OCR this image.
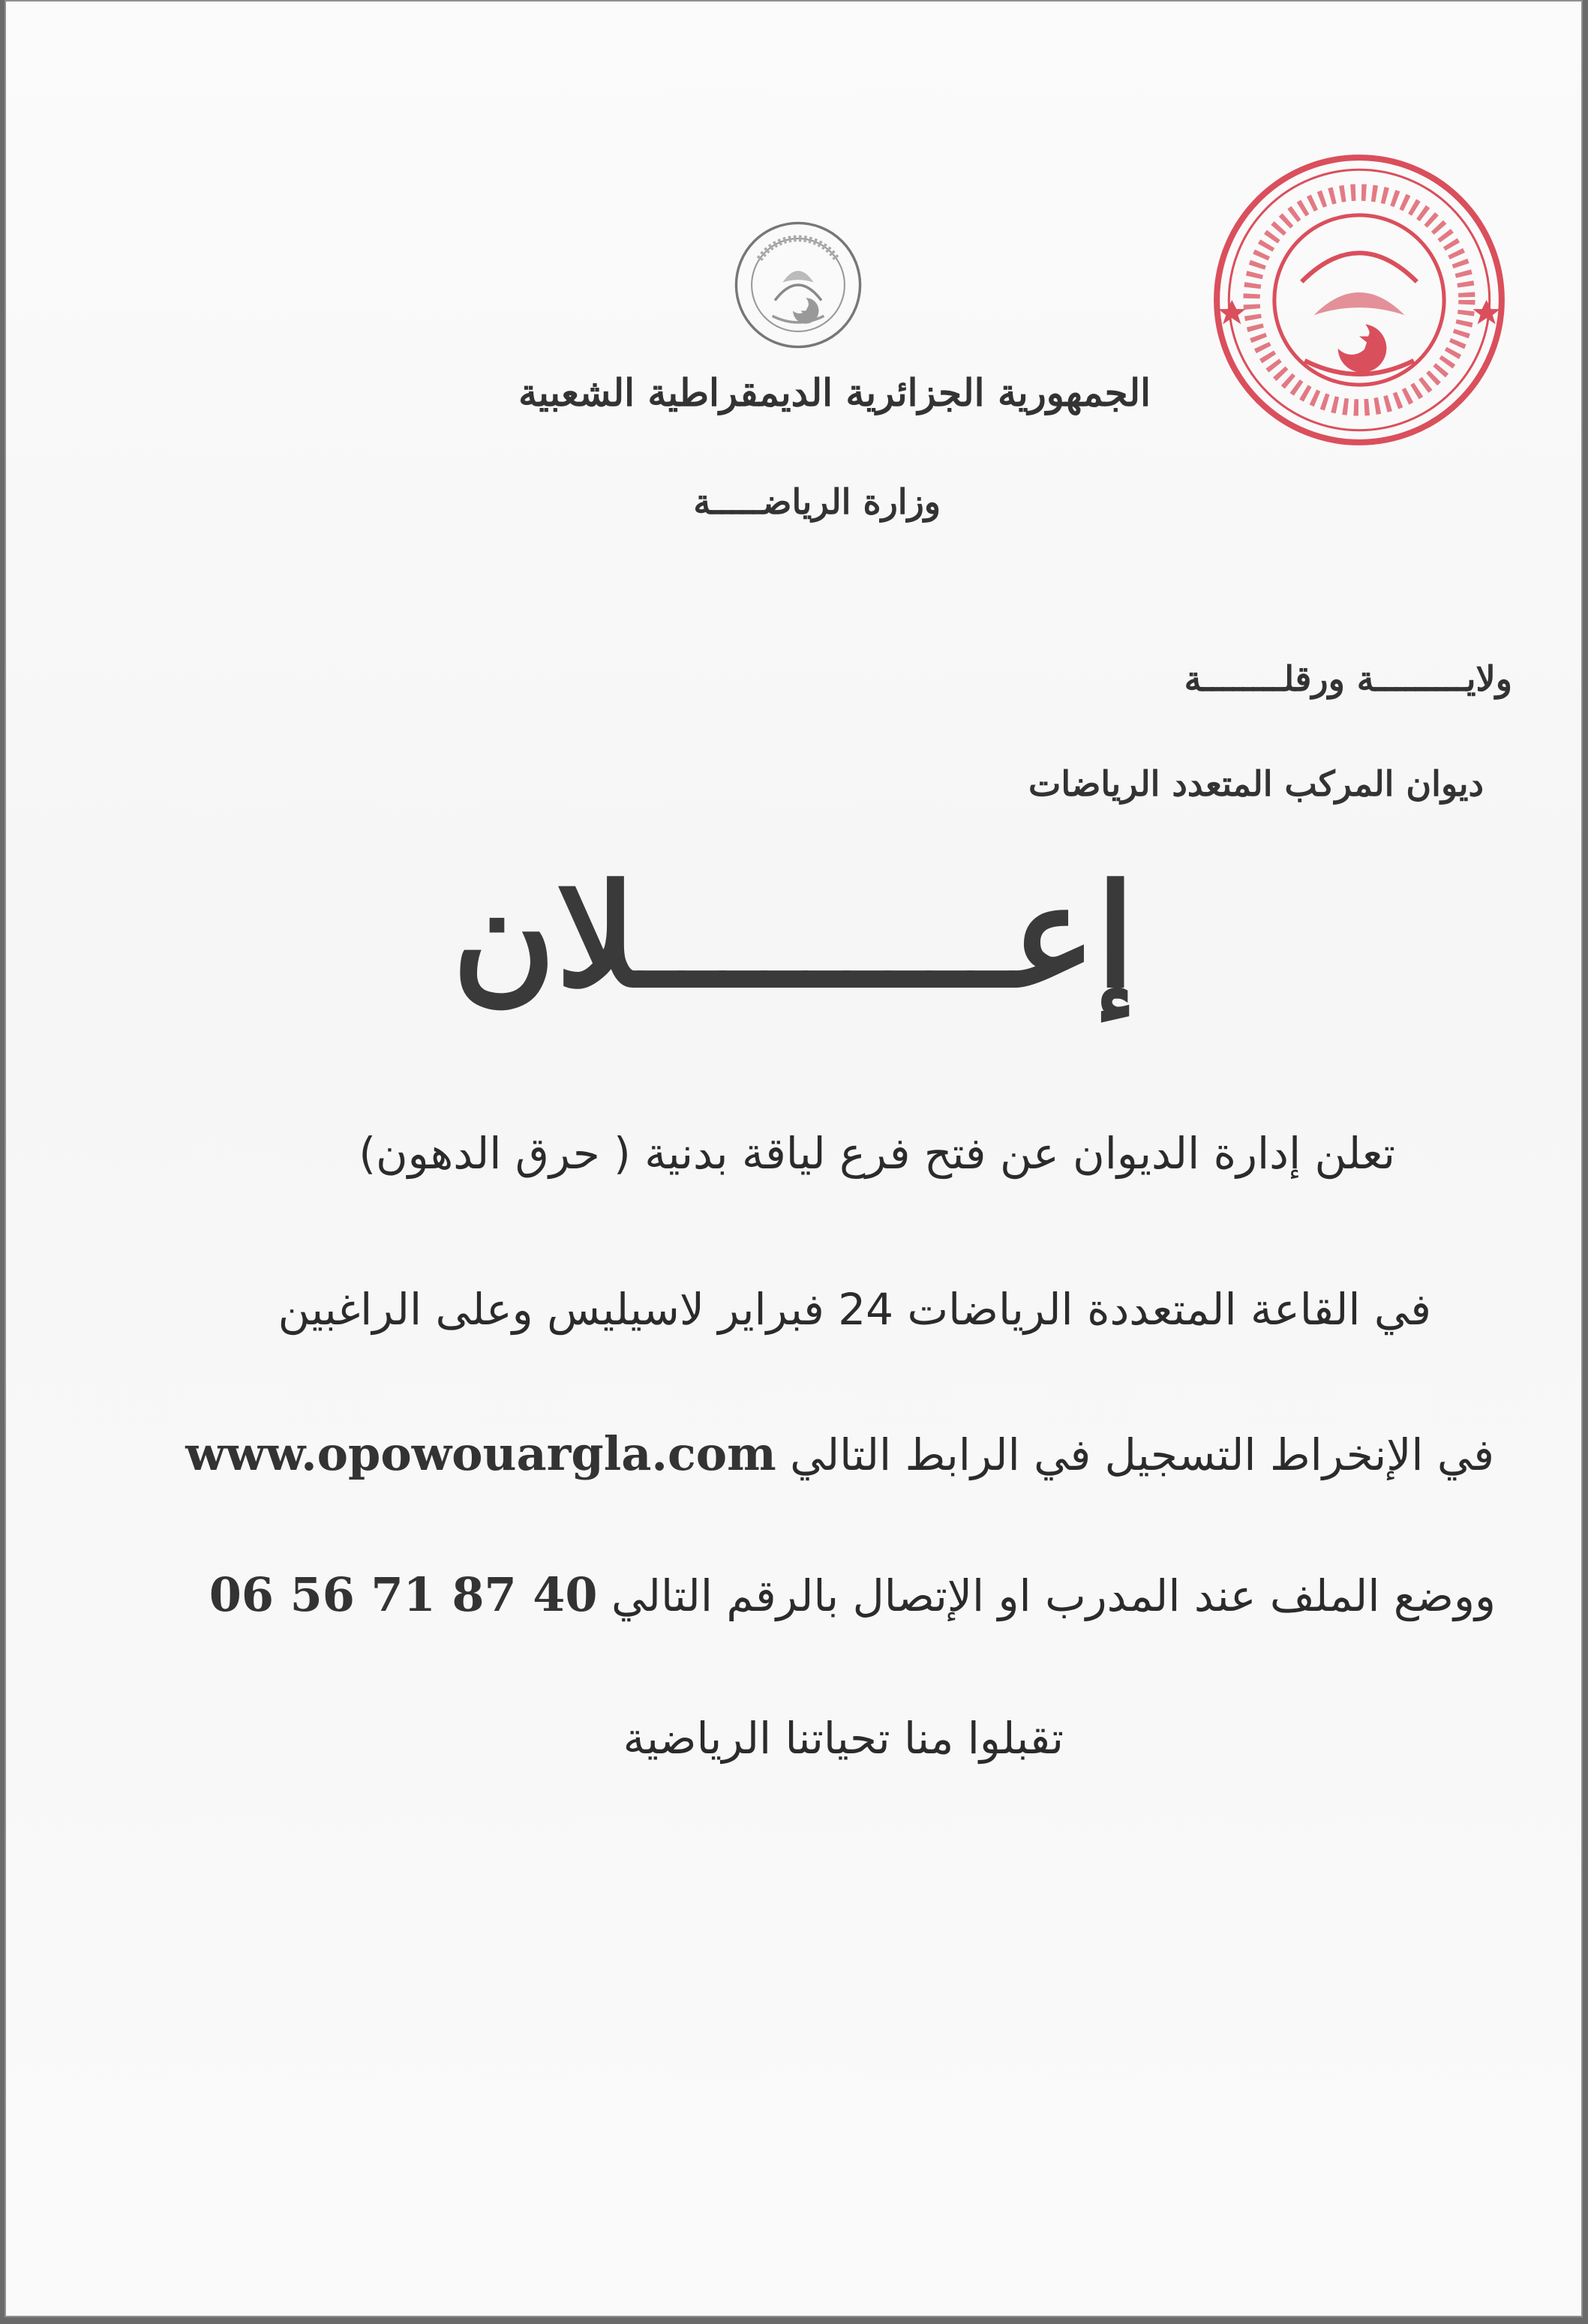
الجمهورية الجزائرية الديمقراطية الشعبية

وزارة الرياضـــــة

ولايـــــــــة ورقلــــــــة

ديوان المركب المتعدد الرياضات

إعـــــــــلان

تعلن إدارة الديوان عن فتح فرع لياقة بدنية ( حرق الدهون)

في القاعة المتعددة الرياضات 24 فبراير لاسيليس وعلى الراغبين

في الإنخراط التسجيل في الرابط التالي www.opowouargla.com

ووضع الملف عند المدرب او الإتصال بالرقم التالي 06 56 71 87 40

تقبلوا منا تحياتنا الرياضية
